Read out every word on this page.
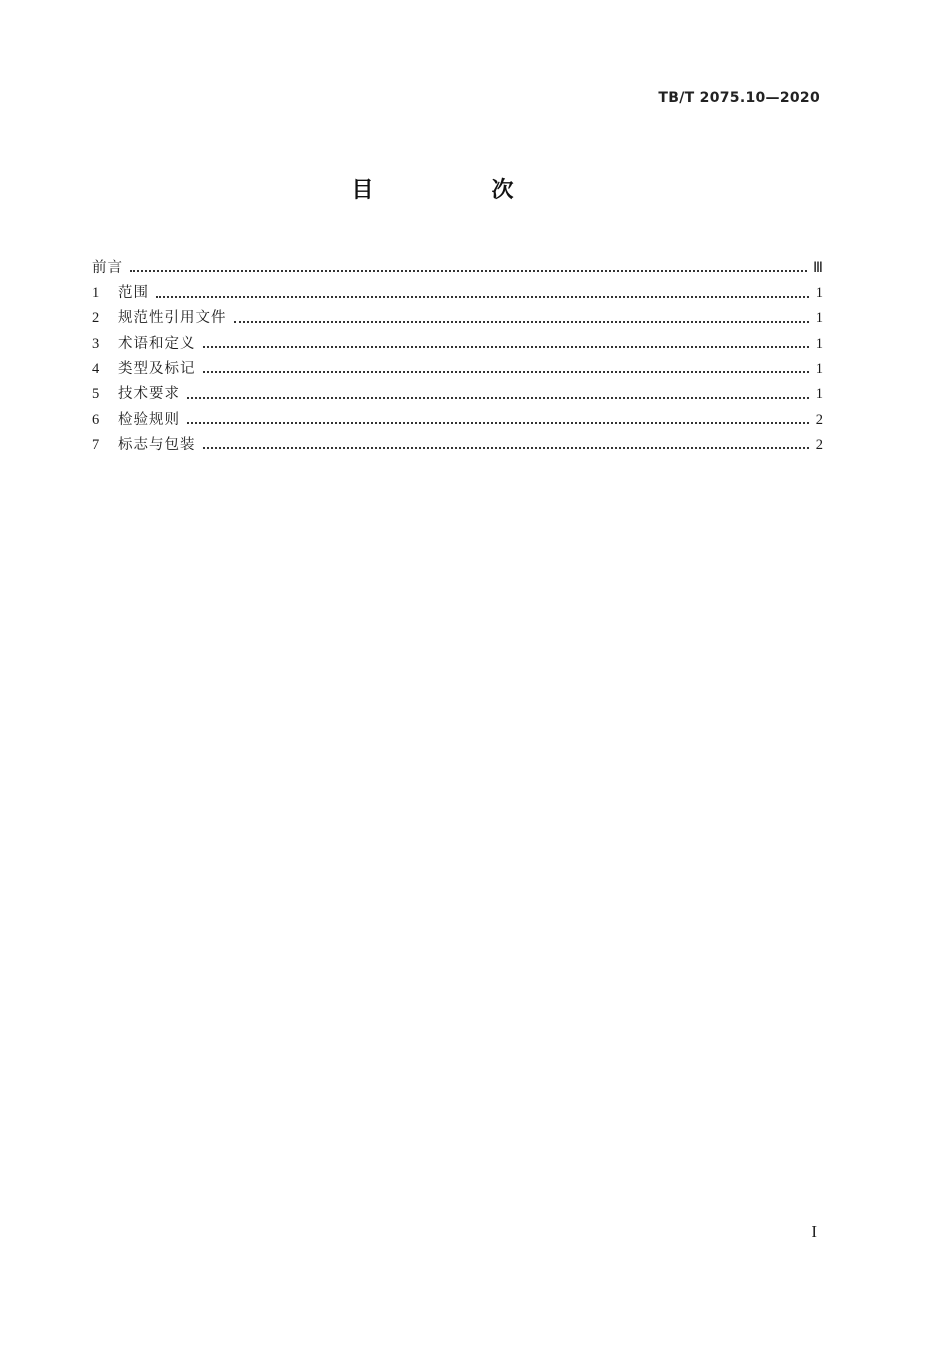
TB/T 2075.10—2020
目　次
前言	Ⅲ
1	范围	1
2	规范性引用文件	1
3	术语和定义	1
4	类型及标记	1
5	技术要求	1
6	检验规则	2
7	标志与包装	2
I
